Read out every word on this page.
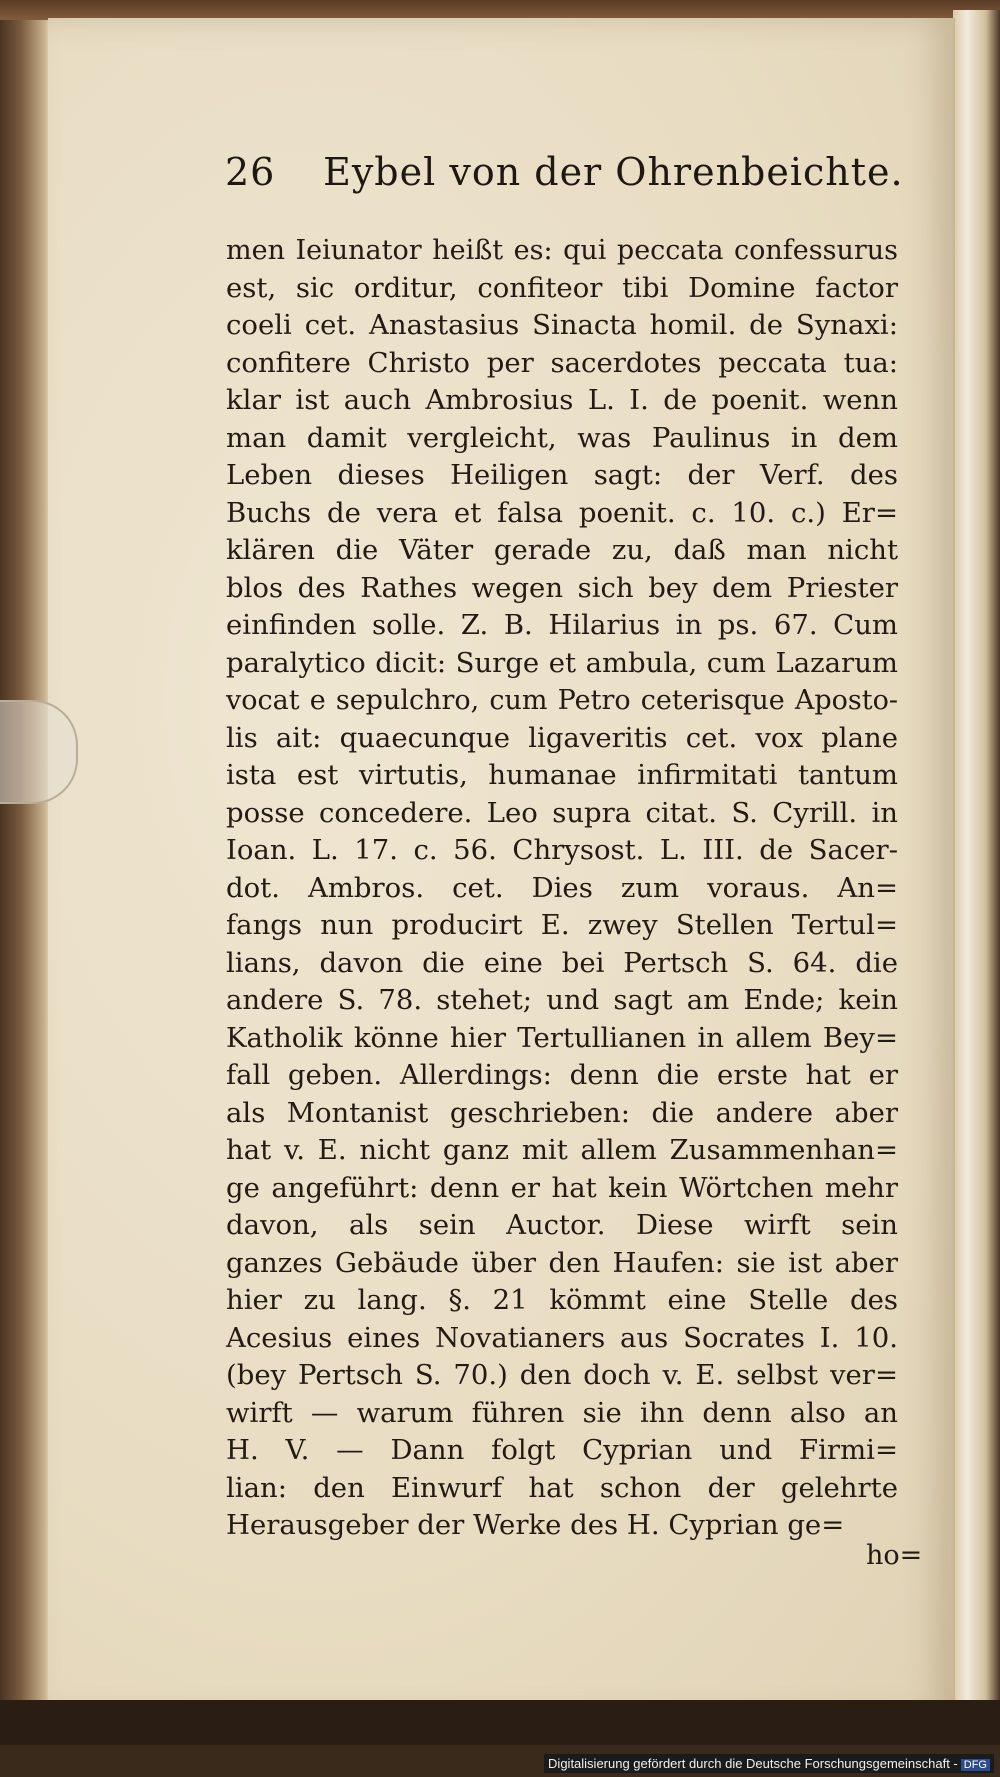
26 Eybel von der Ohrenbeichte.
men Ieiunator heißt es: qui peccata confessurus
est, sic orditur, confiteor tibi Domine factor
coeli cet. Anastasius Sinacta homil. de Synaxi:
confitere Christo per sacerdotes peccata tua:
klar ist auch Ambrosius L. I. de poenit. wenn
man damit vergleicht, was Paulinus in dem
Leben dieses Heiligen sagt: der Verf. des
Buchs de vera et falsa poenit. c. 10. c.) Er=
klären die Väter gerade zu, daß man nicht
blos des Rathes wegen sich bey dem Priester
einfinden solle. Z. B. Hilarius in ps. 67. Cum
paralytico dicit: Surge et ambula, cum Lazarum
vocat e sepulchro, cum Petro ceterisque Aposto-
lis ait: quaecunque ligaveritis cet. vox plane
ista est virtutis, humanae infirmitati tantum
posse concedere. Leo supra citat. S. Cyrill. in
Ioan. L. 17. c. 56. Chrysost. L. III. de Sacer-
dot. Ambros. cet. Dies zum voraus. An=
fangs nun producirt E. zwey Stellen Tertul=
lians, davon die eine bei Pertsch S. 64. die
andere S. 78. stehet; und sagt am Ende; kein
Katholik könne hier Tertullianen in allem Bey=
fall geben. Allerdings: denn die erste hat er
als Montanist geschrieben: die andere aber
hat v. E. nicht ganz mit allem Zusammenhan=
ge angeführt: denn er hat kein Wörtchen mehr
davon, als sein Auctor. Diese wirft sein
ganzes Gebäude über den Haufen: sie ist aber
hier zu lang. §. 21 kömmt eine Stelle des
Acesius eines Novatianers aus Socrates I. 10.
(bey Pertsch S. 70.) den doch v. E. selbst ver=
wirft — warum führen sie ihn denn also an
H. V. — Dann folgt Cyprian und Firmi=
lian: den Einwurf hat schon der gelehrte
Herausgeber der Werke des H. Cyprian ge=
ho=
Digitalisierung gefördert durch die Deutsche Forschungsgemeinschaft - DFG
